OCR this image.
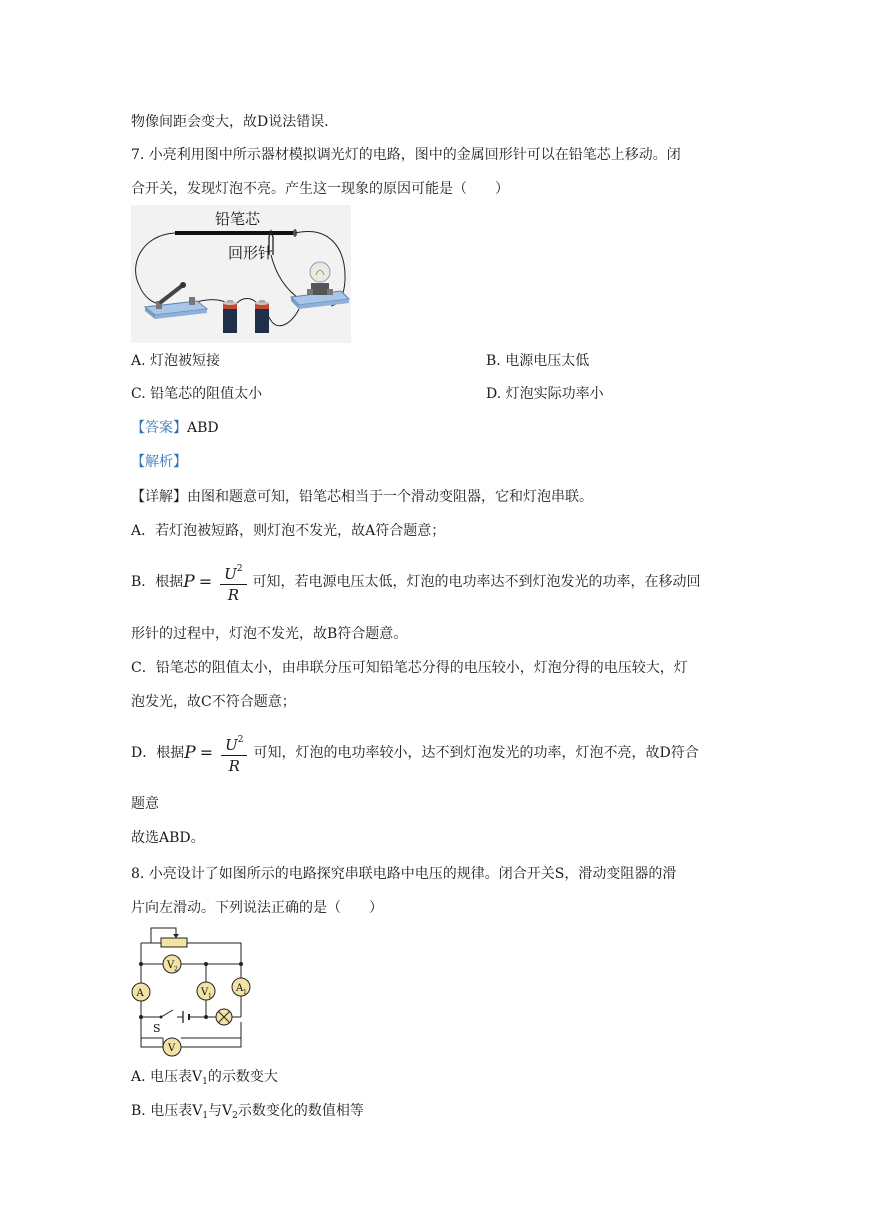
物像间距会变大，故D说法错误．
7. 小亮利用图中所示器材模拟调光灯的电路，图中的金属回形针可以在铅笔芯上移动。闭
合开关，发现灯泡不亮。产生这一现象的原因可能是（　　）
铅笔芯
回形针
A. 灯泡被短接	B. 电源电压太低
C. 铅笔芯的阻值太小	D. 灯泡实际功率小
【答案】ABD
【解析】
【详解】由图和题意可知，铅笔芯相当于一个滑动变阻器，它和灯泡串联。
A．若灯泡被短路，则灯泡不发光，故A符合题意；
B．根据$P = \frac{U^2}{R}$ 可知，若电源电压太低，灯泡的电功率达不到灯泡发光的功率，在移动回
形针的过程中，灯泡不发光，故B符合题意。
C．铅笔芯的阻值太小，由串联分压可知铅笔芯分得的电压较小，灯泡分得的电压较大，灯
泡发光，故C不符合题意；
D．根据$P = \frac{U^2}{R}$ 可知，灯泡的电功率较小，达不到灯泡发光的功率，灯泡不亮，故D符合
题意
故选ABD。
8. 小亮设计了如图所示的电路探究串联电路中电压的规律。闭合开关S，滑动变阻器的滑
片向左滑动。下列说法正确的是（　　）
V 2
A	V 1
A 1
V
S
A. 电压表$V_1$的示数变大
B. 电压表$V_1$与$V_2$示数变化的数值相等
